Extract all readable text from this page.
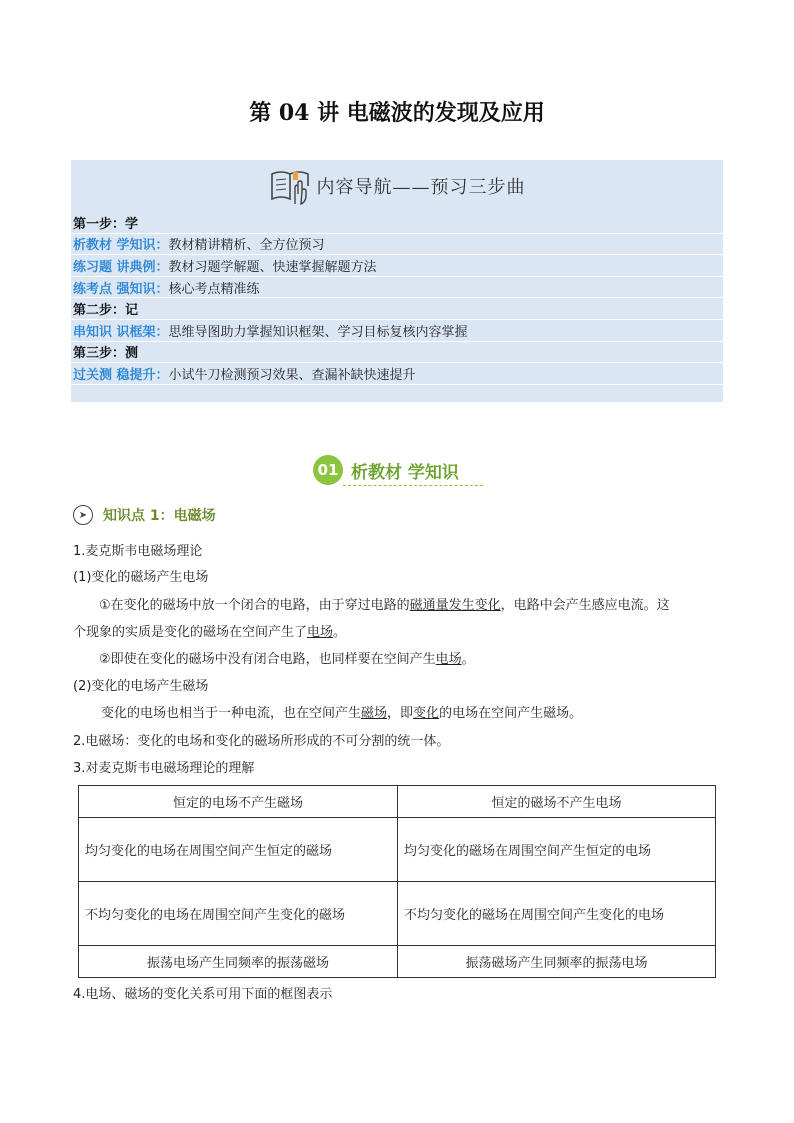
第 04 讲 电磁波的发现及应用
内容导航——预习三步曲
第一步：学
析教材 学知识： 教材精讲精析、全方位预习
练习题 讲典例： 教材习题学解题、快速掌握解题方法
练考点 强知识： 核心考点精准练
第二步：记
串知识 识框架： 思维导图助力掌握知识框架、学习目标复核内容掌握
第三步：测
过关测 稳提升： 小试牛刀检测预习效果、查漏补缺快速提升
01 析教材 学知识
➤	知识点 1：电磁场
1.麦克斯韦电磁场理论
(1)变化的磁场产生电场
①在变化的磁场中放一个闭合的电路，由于穿过电路的磁通量发生变化，电路中会产生感应电流。这
个现象的实质是变化的磁场在空间产生了电场。
②即使在变化的磁场中没有闭合电路，也同样要在空间产生电场。
(2)变化的电场产生磁场
变化的电场也相当于一种电流，也在空间产生磁场，即变化的电场在空间产生磁场。
2.电磁场：变化的电场和变化的磁场所形成的不可分割的统一体。
3.对麦克斯韦电磁场理论的理解
恒定的电场不产生磁场	恒定的磁场不产生电场
均匀变化的电场在周围空间产生恒定的磁场	均匀变化的磁场在周围空间产生恒定的电场
不均匀变化的电场在周围空间产生变化的磁场	不均匀变化的磁场在周围空间产生变化的电场
振荡电场产生同频率的振荡磁场	振荡磁场产生同频率的振荡电场
4.电场、磁场的变化关系可用下面的框图表示
